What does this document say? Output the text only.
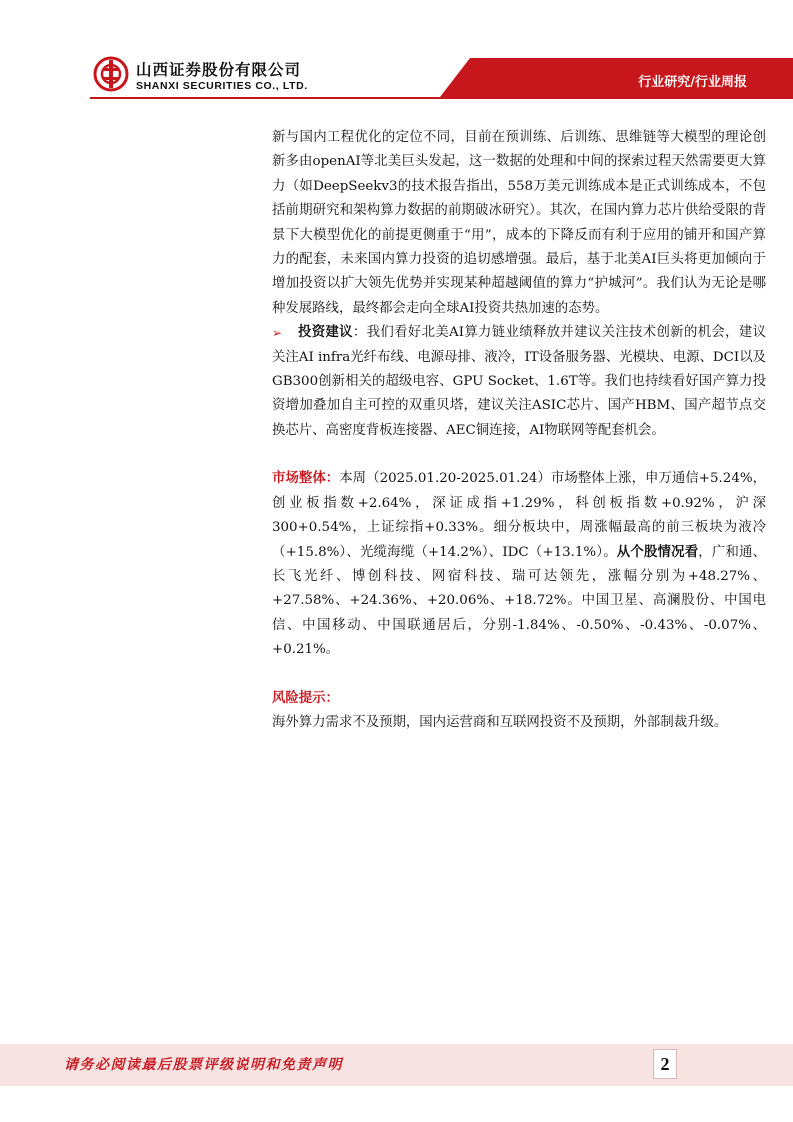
山西证券股份有限公司
SHANXI SECURITIES CO., LTD.	行业研究/行业周报

新与国内工程优化的定位不同，目前在预训练、后训练、思维链等大模型的理论创新多由openAI等北美巨头发起，这一数据的处理和中间的探索过程天然需要更大算力（如DeepSeekv3的技术报告指出，558万美元训练成本是正式训练成本，不包括前期研究和架构算力数据的前期破冰研究）。其次，在国内算力芯片供给受限的背景下大模型优化的前提更侧重于“用”，成本的下降反而有利于应用的铺开和国产算力的配套，未来国内算力投资的追切感增强。最后，基于北美AI巨头将更加倾向于增加投资以扩大领先优势并实现某种超越阈值的算力“护城河”。我们认为无论是哪种发展路线，最终都会走向全球AI投资共热加速的态势。

➢ 投资建议：我们看好北美AI算力链业绩释放并建议关注技术创新的机会，建议关注AI infra光纤布线、电源母排、液冷，IT设备服务器、光模块、电源、DCI以及GB300创新相关的超级电容、GPU Socket、1.6T等。我们也持续看好国产算力投资增加叠加自主可控的双重贝塔，建议关注ASIC芯片、国产HBM、国产超节点交换芯片、高密度背板连接器、AEC铜连接，AI物联网等配套机会。

市场整体：本周（2025.01.20-2025.01.24）市场整体上涨，申万通信+5.24%，创业板指数+2.64%，深证成指+1.29%，科创板指数+0.92%，沪深300+0.54%，上证综指+0.33%。细分板块中，周涨幅最高的前三板块为液冷（+15.8%）、光缆海缆（+14.2%）、IDC（+13.1%）。从个股情况看，广和通、长飞光纤、博创科技、网宿科技、瑞可达领先，涨幅分别为+48.27%、+27.58%、+24.36%、+20.06%、+18.72%。中国卫星、高澜股份、中国电信、中国移动、中国联通居后，分别-1.84%、-0.50%、-0.43%、-0.07%、+0.21%。

风险提示：

海外算力需求不及预期，国内运营商和互联网投资不及预期，外部制裁升级。

请务必阅读最后股票评级说明和免责声明	2
